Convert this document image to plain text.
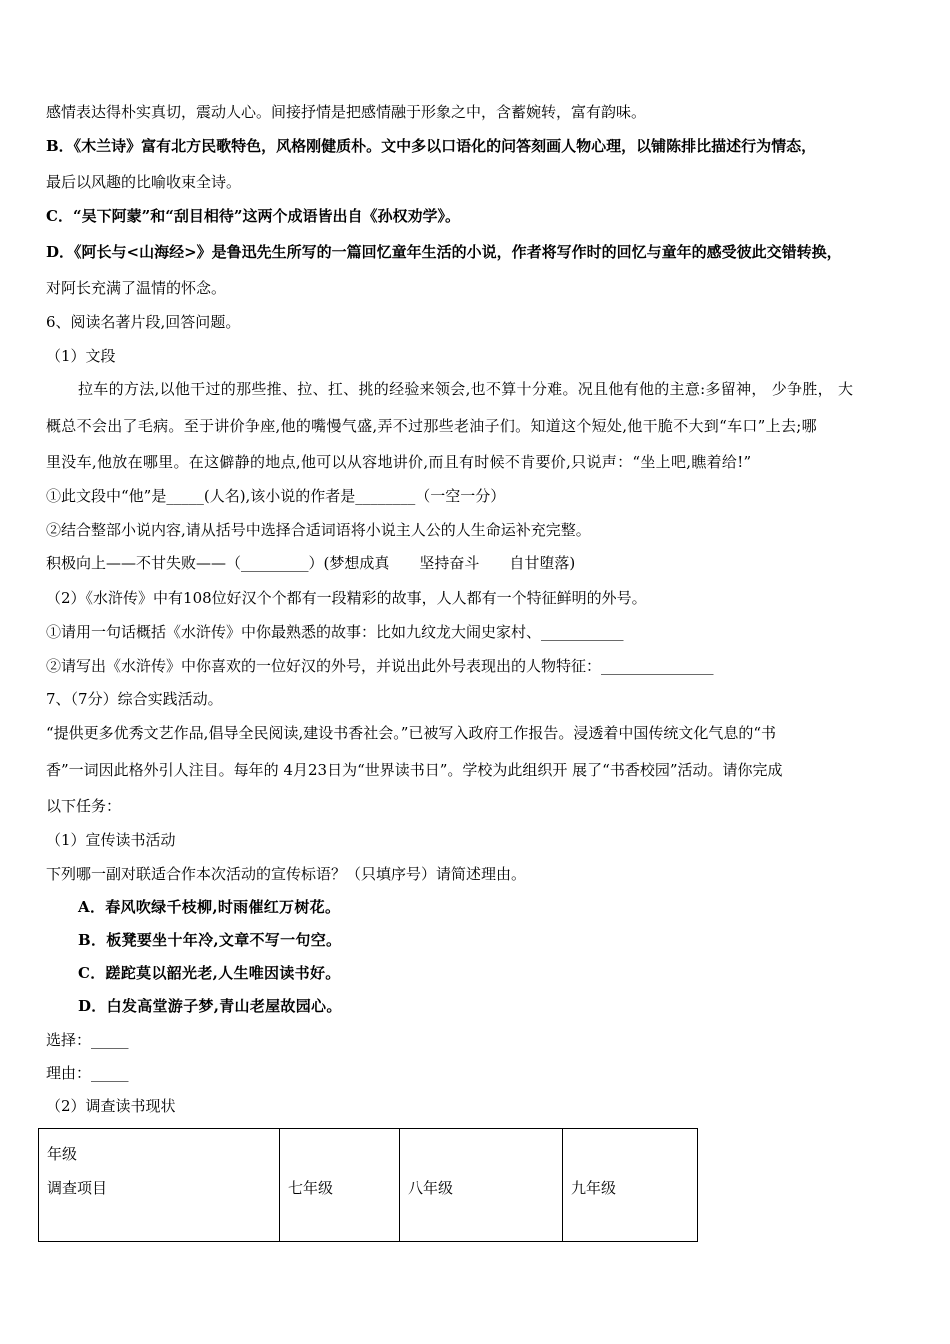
感情表达得朴实真切，震动人心。间接抒情是把感情融于形象之中，含蓄婉转，富有韵味。
B．《木兰诗》富有北方民歌特色，风格刚健质朴。文中多以口语化的问答刻画人物心理，以铺陈排比描述行为情态，
最后以风趣的比喻收束全诗。
C．“吴下阿蒙”和“刮目相待”这两个成语皆出自《孙权劝学》。
D．《阿长与<山海经>》是鲁迅先生所写的一篇回忆童年生活的小说，作者将写作时的回忆与童年的感受彼此交错转换，
对阿长充满了温情的怀念。
6、阅读名著片段,回答问题。
（1）文段
拉车的方法,以他干过的那些推、拉、扛、挑的经验来领会,也不算十分难。况且他有他的主意:多留神， 少争胜， 大
概总不会出了毛病。至于讲价争座,他的嘴慢气盛,弄不过那些老油子们。知道这个短处,他干脆不大到“车口”上去;哪
里没车,他放在哪里。在这僻静的地点,他可以从容地讲价,而且有时候不肯要价,只说声：“坐上吧,瞧着给!”
①此文段中“他”是_____(人名),该小说的作者是________（一空一分）
②结合整部小说内容,请从括号中选择合适词语将小说主人公的人生命运补充完整。
积极向上——不甘失败——（_________）(梦想成真　　坚持奋斗　　自甘堕落)
（2）《水浒传》中有108位好汉个个都有一段精彩的故事，人人都有一个特征鲜明的外号。
①请用一句话概括《水浒传》中你最熟悉的故事：比如九纹龙大闹史家村、___________
②请写出《水浒传》中你喜欢的一位好汉的外号，并说出此外号表现出的人物特征：_______________
7、（7分）综合实践活动。
“提供更多优秀文艺作品,倡导全民阅读,建设书香社会。”已被写入政府工作报告。浸透着中国传统文化气息的“书
香”一词因此格外引人注目。每年的 4月23日为“世界读书日”。学校为此组织开 展了“书香校园”活动。请你完成
以下任务：
（1）宣传读书活动
下列哪一副对联适合作本次活动的宣传标语？（只填序号）请简述理由。
A．春风吹绿千枝柳,时雨催红万树花。
B．板凳要坐十年冷,文章不写一句空。
C．蹉跎莫以韶光老,人生唯因读书好。
D．白发高堂游子梦,青山老屋故园心。
选择：_____
理由：_____
（2）调查读书现状
年级
调查项目	七年级	八年级	九年级
